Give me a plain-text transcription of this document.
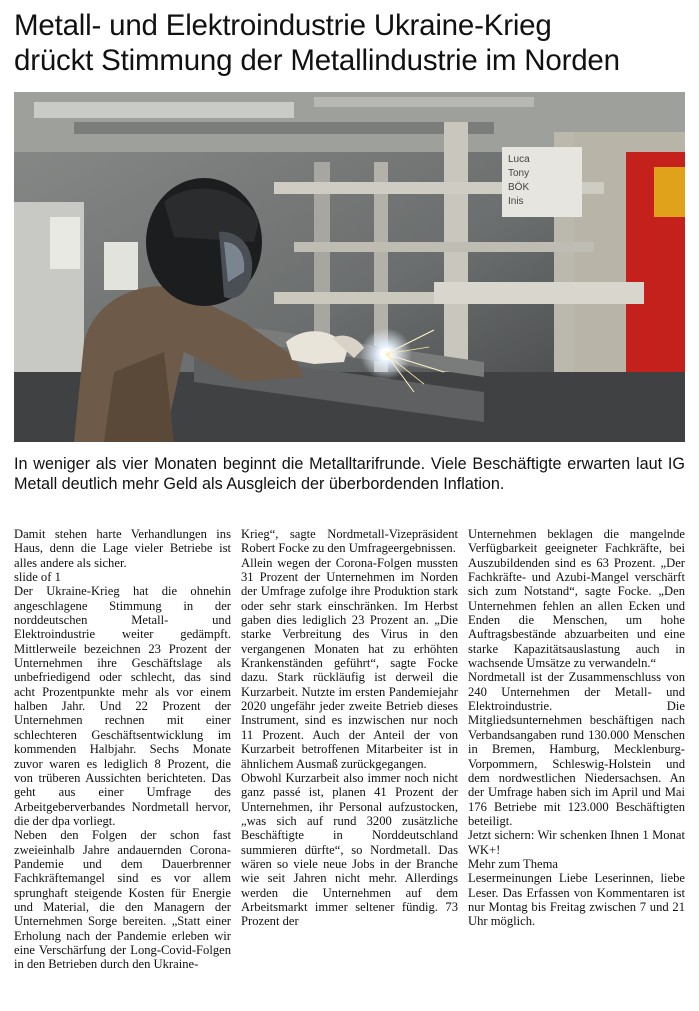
Metall- und Elektroindustrie Ukraine-Krieg
drückt Stimmung der Metallindustrie im Norden
Luca
Tony
BÖK
Inis

In weniger als vier Monaten beginnt die Metalltarifrunde. Viele Beschäftigte erwarten laut IG Metall deutlich mehr Geld als Ausgleich der überbordenden Inflation.

Damit stehen harte Verhandlungen ins Haus, denn die Lage vieler Betriebe ist alles andere als sicher.

slide of 1

Der Ukraine-Krieg hat die ohnehin angeschlagene Stimmung in der norddeutschen Metall- und Elektroindustrie weiter gedämpft. Mittlerweile bezeichnen 23 Prozent der Unternehmen ihre Geschäftslage als unbefriedigend oder schlecht, das sind acht Prozentpunkte mehr als vor einem halben Jahr. Und 22 Prozent der Unternehmen rechnen mit einer schlechteren Geschäftsentwicklung im kommenden Halbjahr. Sechs Monate zuvor waren es lediglich 8 Prozent, die von trüberen Aussichten berichteten. Das geht aus einer Umfrage des Arbeitgeberverbandes Nordmetall hervor, die der dpa vorliegt.

Neben den Folgen der schon fast zweieinhalb Jahre andauernden Corona-Pandemie und dem Dauerbrenner Fachkräftemangel sind es vor allem sprunghaft steigende Kosten für Energie und Material, die den Managern der Unternehmen Sorge bereiten. „Statt einer Erholung nach der Pandemie erleben wir eine Verschärfung der Long-Covid-Folgen in den Betrieben durch den Ukraine-

Krieg“, sagte Nordmetall-Vizepräsident Robert Focke zu den Umfrageergebnissen.

Allein wegen der Corona-Folgen mussten 31 Prozent der Unternehmen im Norden der Umfrage zufolge ihre Produktion stark oder sehr stark einschränken. Im Herbst gaben dies lediglich 23 Prozent an. „Die starke Verbreitung des Virus in den vergangenen Monaten hat zu erhöhten Krankenständen geführt“, sagte Focke dazu. Stark rückläufig ist derweil die Kurzarbeit. Nutzte im ersten Pandemiejahr 2020 ungefähr jeder zweite Betrieb dieses Instrument, sind es inzwischen nur noch 11 Prozent. Auch der Anteil der von Kurzarbeit betroffenen Mitarbeiter ist in ähnlichem Ausmaß zurückgegangen.

Obwohl Kurzarbeit also immer noch nicht ganz passé ist, planen 41 Prozent der Unternehmen, ihr Personal aufzustocken, „was sich auf rund 3200 zusätzliche Beschäftigte in Norddeutschland summieren dürfte“, so Nordmetall. Das wären so viele neue Jobs in der Branche wie seit Jahren nicht mehr. Allerdings werden die Unternehmen auf dem Arbeitsmarkt immer seltener fündig. 73 Prozent der

Unternehmen beklagen die mangelnde Verfügbarkeit geeigneter Fachkräfte, bei Auszubildenden sind es 63 Prozent. „Der Fachkräfte- und Azubi-Mangel verschärft sich zum Notstand“, sagte Focke. „Den Unternehmen fehlen an allen Ecken und Enden die Menschen, um hohe Auftragsbestände abzuarbeiten und eine starke Kapazitätsauslastung auch in wachsende Umsätze zu verwandeln.“

Nordmetall ist der Zusammenschluss von 240 Unternehmen der Metall- und Elektroindustrie. Die Mitgliedsunternehmen beschäftigen nach Verbandsangaben rund 130.000 Menschen in Bremen, Hamburg, Mecklenburg-Vorpommern, Schleswig-Holstein und dem nordwestlichen Niedersachsen. An der Umfrage haben sich im April und Mai 176 Betriebe mit 123.000 Beschäftigten beteiligt.

Jetzt sichern: Wir schenken Ihnen 1 Monat WK+!

Mehr zum Thema

Lesermeinungen Liebe Leserinnen, liebe Leser. Das Erfassen von Kommentaren ist nur Montag bis Freitag zwischen 7 und 21 Uhr möglich.
